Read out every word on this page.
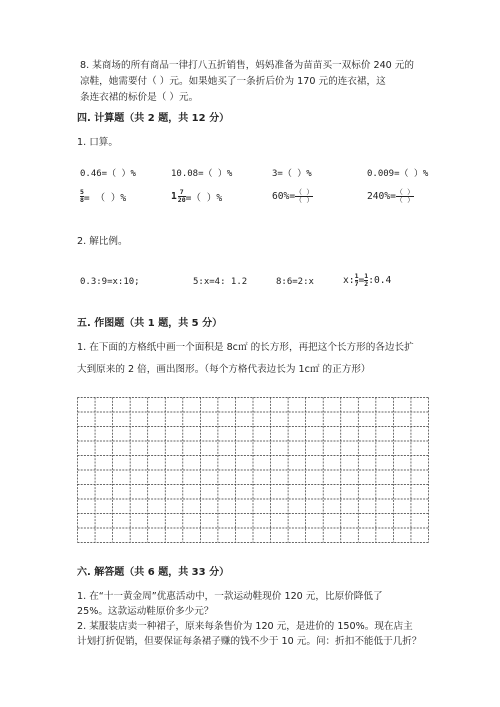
8. 某商场的所有商品一律打八五折销售，妈妈准备为苗苗买一双标价 240 元的
凉鞋，她需要付（ ）元。如果她买了一条折后价为 170 元的连衣裙，这
条连衣裙的标价是（ ）元。
四. 计算题（共 2 题，共 12 分）
1. 口算。
0.46=（ ）%	10.08=（ ）%	3=（ ）%	0.009=（ ）%
$\frac{5}{8}$ = （ ）%	$1 \frac{7}{20}$ =（ ）%	$60\%= \frac{( )}{( )}$	$240\%= \frac{( )}{( )}$
2. 解比例。
0.3:9=x:10;	5:x=4: 1.2	8:6=2:x	x: $\frac{1}{7} = \frac{1}{2}$ :0.4
五. 作图题（共 1 题，共 5 分）
1. 在下面的方格纸中画一个面积是 8c㎡ 的长方形，再把这个长方形的各边长扩
大到原来的 2 倍，画出图形。（每个方格代表边长为 1c㎡ 的正方形）
六. 解答题（共 6 题，共 33 分）
1. 在“十一黄金周”优惠活动中，一款运动鞋现价 120 元，比原价降低了
25%。这款运动鞋原价多少元？
2. 某服装店卖一种裙子，原来每条售价为 120 元，是进价的 150%。现在店主
计划打折促销，但要保证每条裙子赚的钱不少于 10 元。问：折扣不能低于几折？
